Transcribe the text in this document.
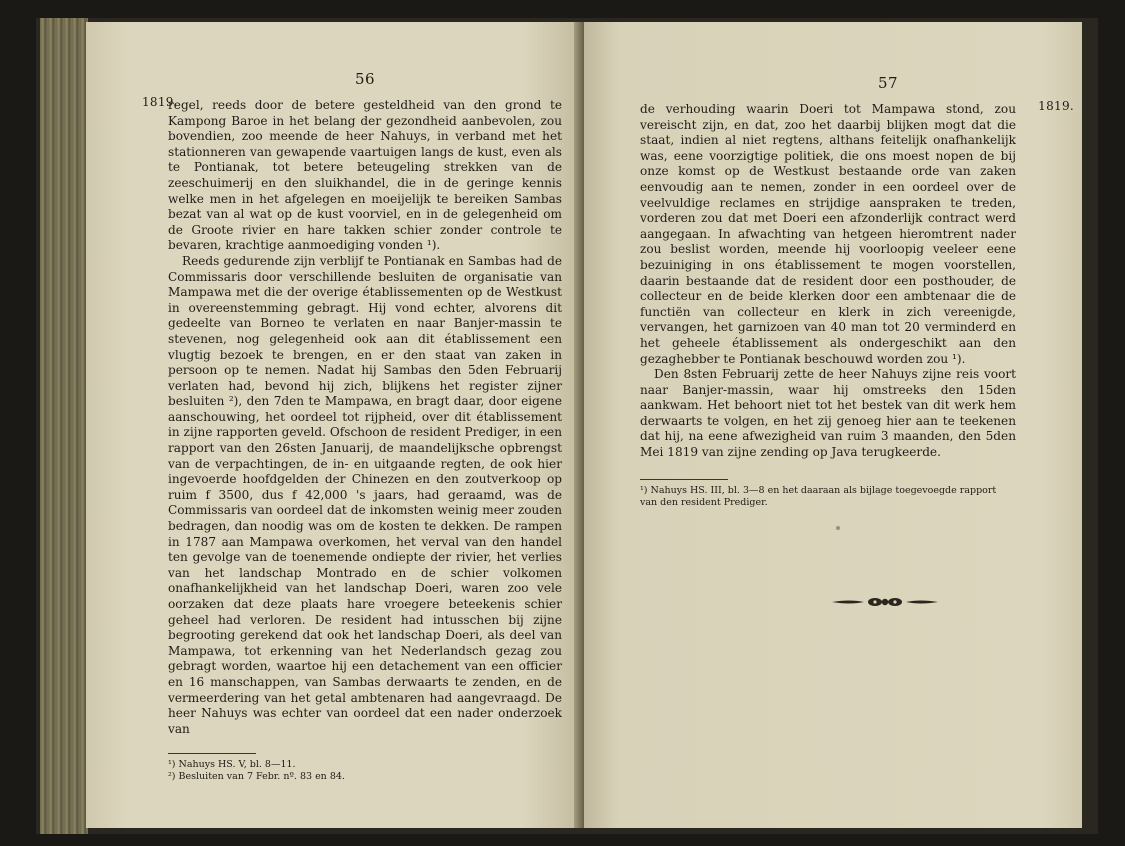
1819.
56

regel, reeds door de betere gesteldheid van den grond te Kampong Baroe in het belang der gezondheid aanbevolen, zou bovendien, zoo meende de heer Nahuys, in verband met het stationneren van gewapende vaartuigen langs de kust, even als te Pontianak, tot betere beteugeling strekken van de zeeschuimerij en den sluikhandel, die in de geringe kennis welke men in het afgelegen en moeijelijk te bereiken Sambas bezat van al wat op de kust voorviel, en in de gelegenheid om de Groote rivier en hare takken schier zonder controle te bevaren, krachtige aanmoediging vonden ¹).

Reeds gedurende zijn verblijf te Pontianak en Sambas had de Commissaris door verschillende besluiten de organisatie van Mampawa met die der overige établissementen op de Westkust in overeenstemming gebragt. Hij vond echter, alvorens dit gedeelte van Borneo te verlaten en naar Banjer-massin te stevenen, nog gelegenheid ook aan dit établissement een vlugtig bezoek te brengen, en er den staat van zaken in persoon op te nemen. Nadat hij Sambas den 5den Februarij verlaten had, bevond hij zich, blijkens het register zijner besluiten ²), den 7den te Mampawa, en bragt daar, door eigene aanschouwing, het oordeel tot rijpheid, over dit établissement in zijne rapporten geveld. Ofschoon de resident Prediger, in een rapport van den 26sten Januarij, de maandelijksche opbrengst van de verpachtingen, de in- en uitgaande regten, de ook hier ingevoerde hoofdgelden der Chinezen en den zoutverkoop op ruim f 3500, dus f 42,000 's jaars, had geraamd, was de Commissaris van oordeel dat de inkomsten weinig meer zouden bedragen, dan noodig was om de kosten te dekken. De rampen in 1787 aan Mampawa overkomen, het verval van den handel ten gevolge van de toenemende ondiepte der rivier, het verlies van het landschap Montrado en de schier volkomen onafhankelijkheid van het landschap Doeri, waren zoo vele oorzaken dat deze plaats hare vroegere beteekenis schier geheel had verloren. De resident had intusschen bij zijne begrooting gerekend dat ook het landschap Doeri, als deel van Mampawa, tot erkenning van het Nederlandsch gezag zou gebragt worden, waartoe hij een detachement van een officier en 16 manschappen, van Sambas derwaarts te zenden, en de vermeerdering van het getal ambtenaren had aangevraagd. De heer Nahuys was echter van oordeel dat een nader onderzoek van

¹) Nahuys HS. V, bl. 8—11.

²) Besluiten van 7 Febr. nº. 83 en 84.

1819.
57

de verhouding waarin Doeri tot Mampawa stond, zou vereischt zijn, en dat, zoo het daarbij blijken mogt dat die staat, indien al niet regtens, althans feitelijk onafhankelijk was, eene voorzigtige politiek, die ons moest nopen de bij onze komst op de Westkust bestaande orde van zaken eenvoudig aan te nemen, zonder in een oordeel over de veelvuldige reclames en strijdige aanspraken te treden, vorderen zou dat met Doeri een afzonderlijk contract werd aangegaan. In afwachting van hetgeen hieromtrent nader zou beslist worden, meende hij voorloopig veeleer eene bezuiniging in ons établissement te mogen voorstellen, daarin bestaande dat de resident door een posthouder, de collecteur en de beide klerken door een ambtenaar die de functiën van collecteur en klerk in zich vereenigde, vervangen, het garnizoen van 40 man tot 20 verminderd en het geheele établissement als ondergeschikt aan den gezaghebber te Pontianak beschouwd worden zou ¹).

Den 8sten Februarij zette de heer Nahuys zijne reis voort naar Banjer-massin, waar hij omstreeks den 15den aankwam. Het behoort niet tot het bestek van dit werk hem derwaarts te volgen, en het zij genoeg hier aan te teekenen dat hij, na eene afwezigheid van ruim 3 maanden, den 5den Mei 1819 van zijne zending op Java terugkeerde.

¹) Nahuys HS. III, bl. 3—8 en het daaraan als bijlage toegevoegde rapport van den resident Prediger.
